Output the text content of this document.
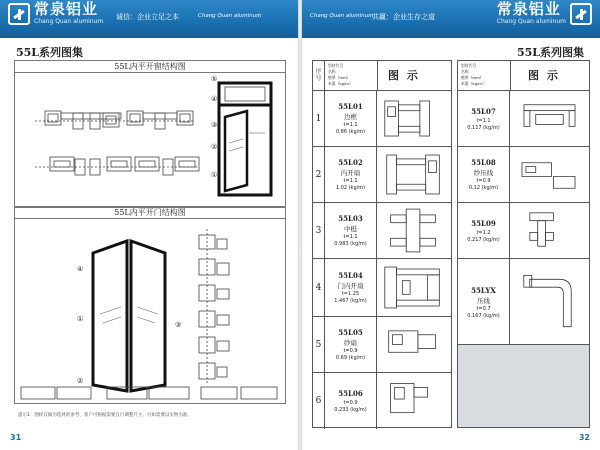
常泉铝业
Chang Quan aluminum
诚信：企业立足之本	Chang Quan aluminum
55L系列图集
55L内平开窗结构图
⑤
④
③
②
①
55L内平开门结构图
①
②
③
④
提示1：图样仅做为选材的参考，客户可根据需要自行调整尺寸，另如需要以实物为准。
31
Chang Quan aluminum
共赢：企业生存之道	常泉铝业
Chang Quan aluminum
55L系列图集
序号
型材代号
名称
壁厚（mm）
米重（kg/m）
图 示
1
55L01
边框
t=1.1
0.86 (kg/m)
2
55L02
内开扇
t=1.1
1.02 (kg/m)
3
55L03
中梃
t=1.1
0.983 (kg/m)
4
55L04
门内开扇
t=1.25
1.467 (kg/m)
5
55L05
纱扇
t=0.9
0.69 (kg/m)
6
55L06
t=0.9
0.233 (kg/m)
型材代号
名称
壁厚（mm）
米重（kg/m）
图 示
55L07
t=1.1
0.117 (kg/m)
55L08
纱压线
t=0.9
0.12 (kg/m)
55L09
t=1.2
0.217 (kg/m)
55LYX
压线
t=0.7
0.167 (kg/m)
32
